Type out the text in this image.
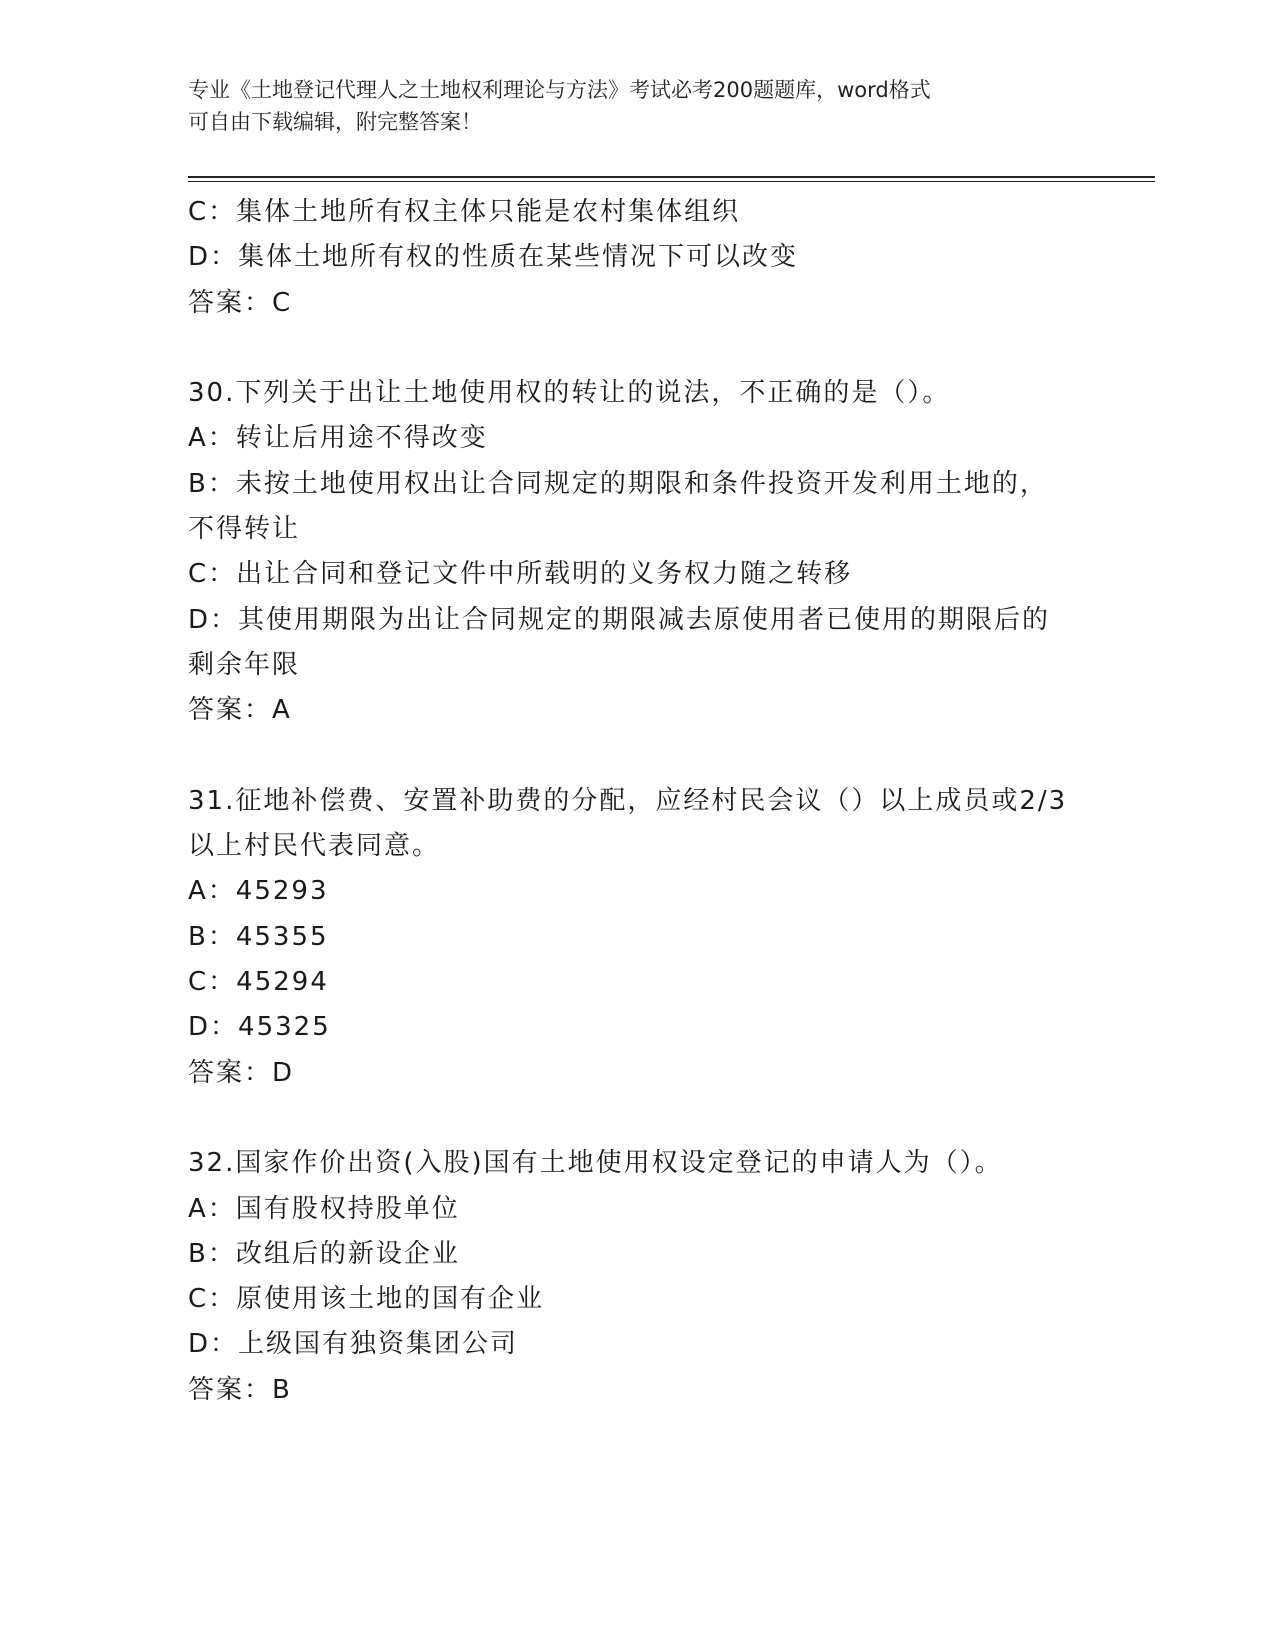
专业《土地登记代理人之土地权利理论与方法》考试必考200题题库，word格式
可自由下载编辑，附完整答案！
C：集体土地所有权主体只能是农村集体组织
D：集体土地所有权的性质在某些情况下可以改变
答案：C
30.下列关于出让土地使用权的转让的说法，不正确的是（）。
A：转让后用途不得改变
B：未按土地使用权出让合同规定的期限和条件投资开发利用土地的，不得转让
C：出让合同和登记文件中所载明的义务权力随之转移
D：其使用期限为出让合同规定的期限减去原使用者已使用的期限后的剩余年限
答案：A
31.征地补偿费、安置补助费的分配，应经村民会议（）以上成员或2/3以上村民代表同意。
A：45293
B：45355
C：45294
D：45325
答案：D
32.国家作价出资(入股)国有土地使用权设定登记的申请人为（）。
A：国有股权持股单位
B：改组后的新设企业
C：原使用该土地的国有企业
D：上级国有独资集团公司
答案：B
